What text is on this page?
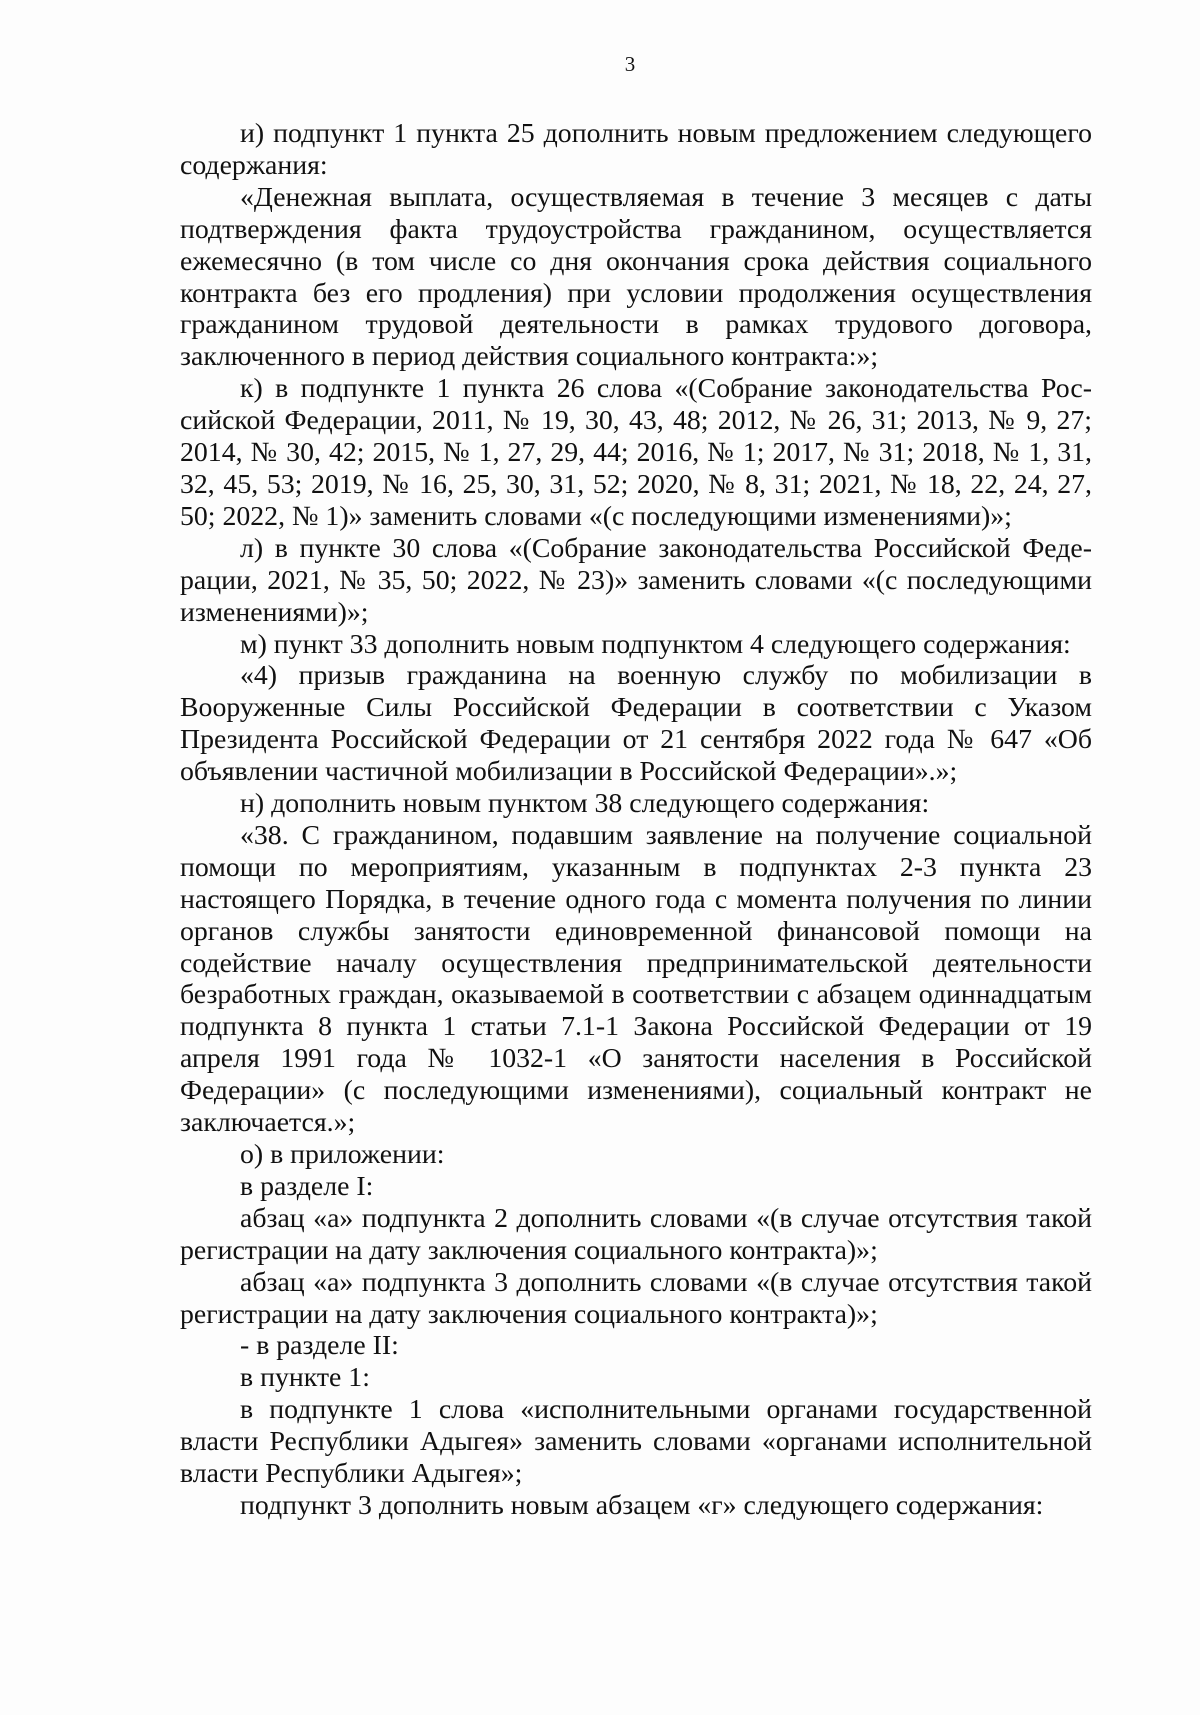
3

и) подпункт 1 пункта 25 дополнить новым предложением следующего содержания:

«Денежная выплата, осуществляемая в течение 3 месяцев с даты подтверждения факта трудоустройства гражданином, осуществляется ежемесячно (в том числе со дня окончания срока действия социального контракта без его продления) при условии продолжения осуществления гражданином трудовой деятельности в рамках трудового договора, заключенного в период действия социального контракта:»;

к) в подпункте 1 пункта 26 слова «(Собрание законодательства Российской Федерации, 2011, № 19, 30, 43, 48; 2012, № 26, 31; 2013, № 9, 27; 2014, № 30, 42; 2015, № 1, 27, 29, 44; 2016, № 1; 2017, № 31; 2018, № 1, 31, 32, 45, 53; 2019, № 16, 25, 30, 31, 52; 2020, № 8, 31; 2021, № 18, 22, 24, 27, 50; 2022, № 1)» заменить словами «(с последующими изменениями)»;

л) в пункте 30 слова «(Собрание законодательства Российской Федерации, 2021, № 35, 50; 2022, № 23)» заменить словами «(с последующими изменениями)»;

м) пункт 33 дополнить новым подпунктом 4 следующего содержания:

«4) призыв гражданина на военную службу по мобилизации в Вооруженные Силы Российской Федерации в соответствии с Указом Президента Российской Федерации от 21 сентября 2022 года № 647 «Об объявлении частичной мобилизации в Российской Федерации».»;

н) дополнить новым пунктом 38 следующего содержания:

«38. С гражданином, подавшим заявление на получение социальной помощи по мероприятиям, указанным в подпунктах 2-3 пункта 23 настоящего Порядка, в течение одного года с момента получения по линии органов службы занятости единовременной финансовой помощи на содействие началу осуществления предпринимательской деятельности безработных граждан, оказываемой в соответствии с абзацем одиннадцатым подпункта 8 пункта 1 статьи 7.1-1 Закона Российской Федерации от 19 апреля 1991 года № 1032-1 «О занятости населения в Российской Федерации» (с последующими изменениями), социальный контракт не заключается.»;

о) в приложении:

в разделе I:

абзац «а» подпункта 2 дополнить словами «(в случае отсутствия такой регистрации на дату заключения социального контракта)»;

абзац «а» подпункта 3 дополнить словами «(в случае отсутствия такой регистрации на дату заключения социального контракта)»;

- в разделе II:

в пункте 1:

в подпункте 1 слова «исполнительными органами государственной власти Республики Адыгея» заменить словами «органами исполнительной власти Республики Адыгея»;

подпункт 3 дополнить новым абзацем «г» следующего содержания:
